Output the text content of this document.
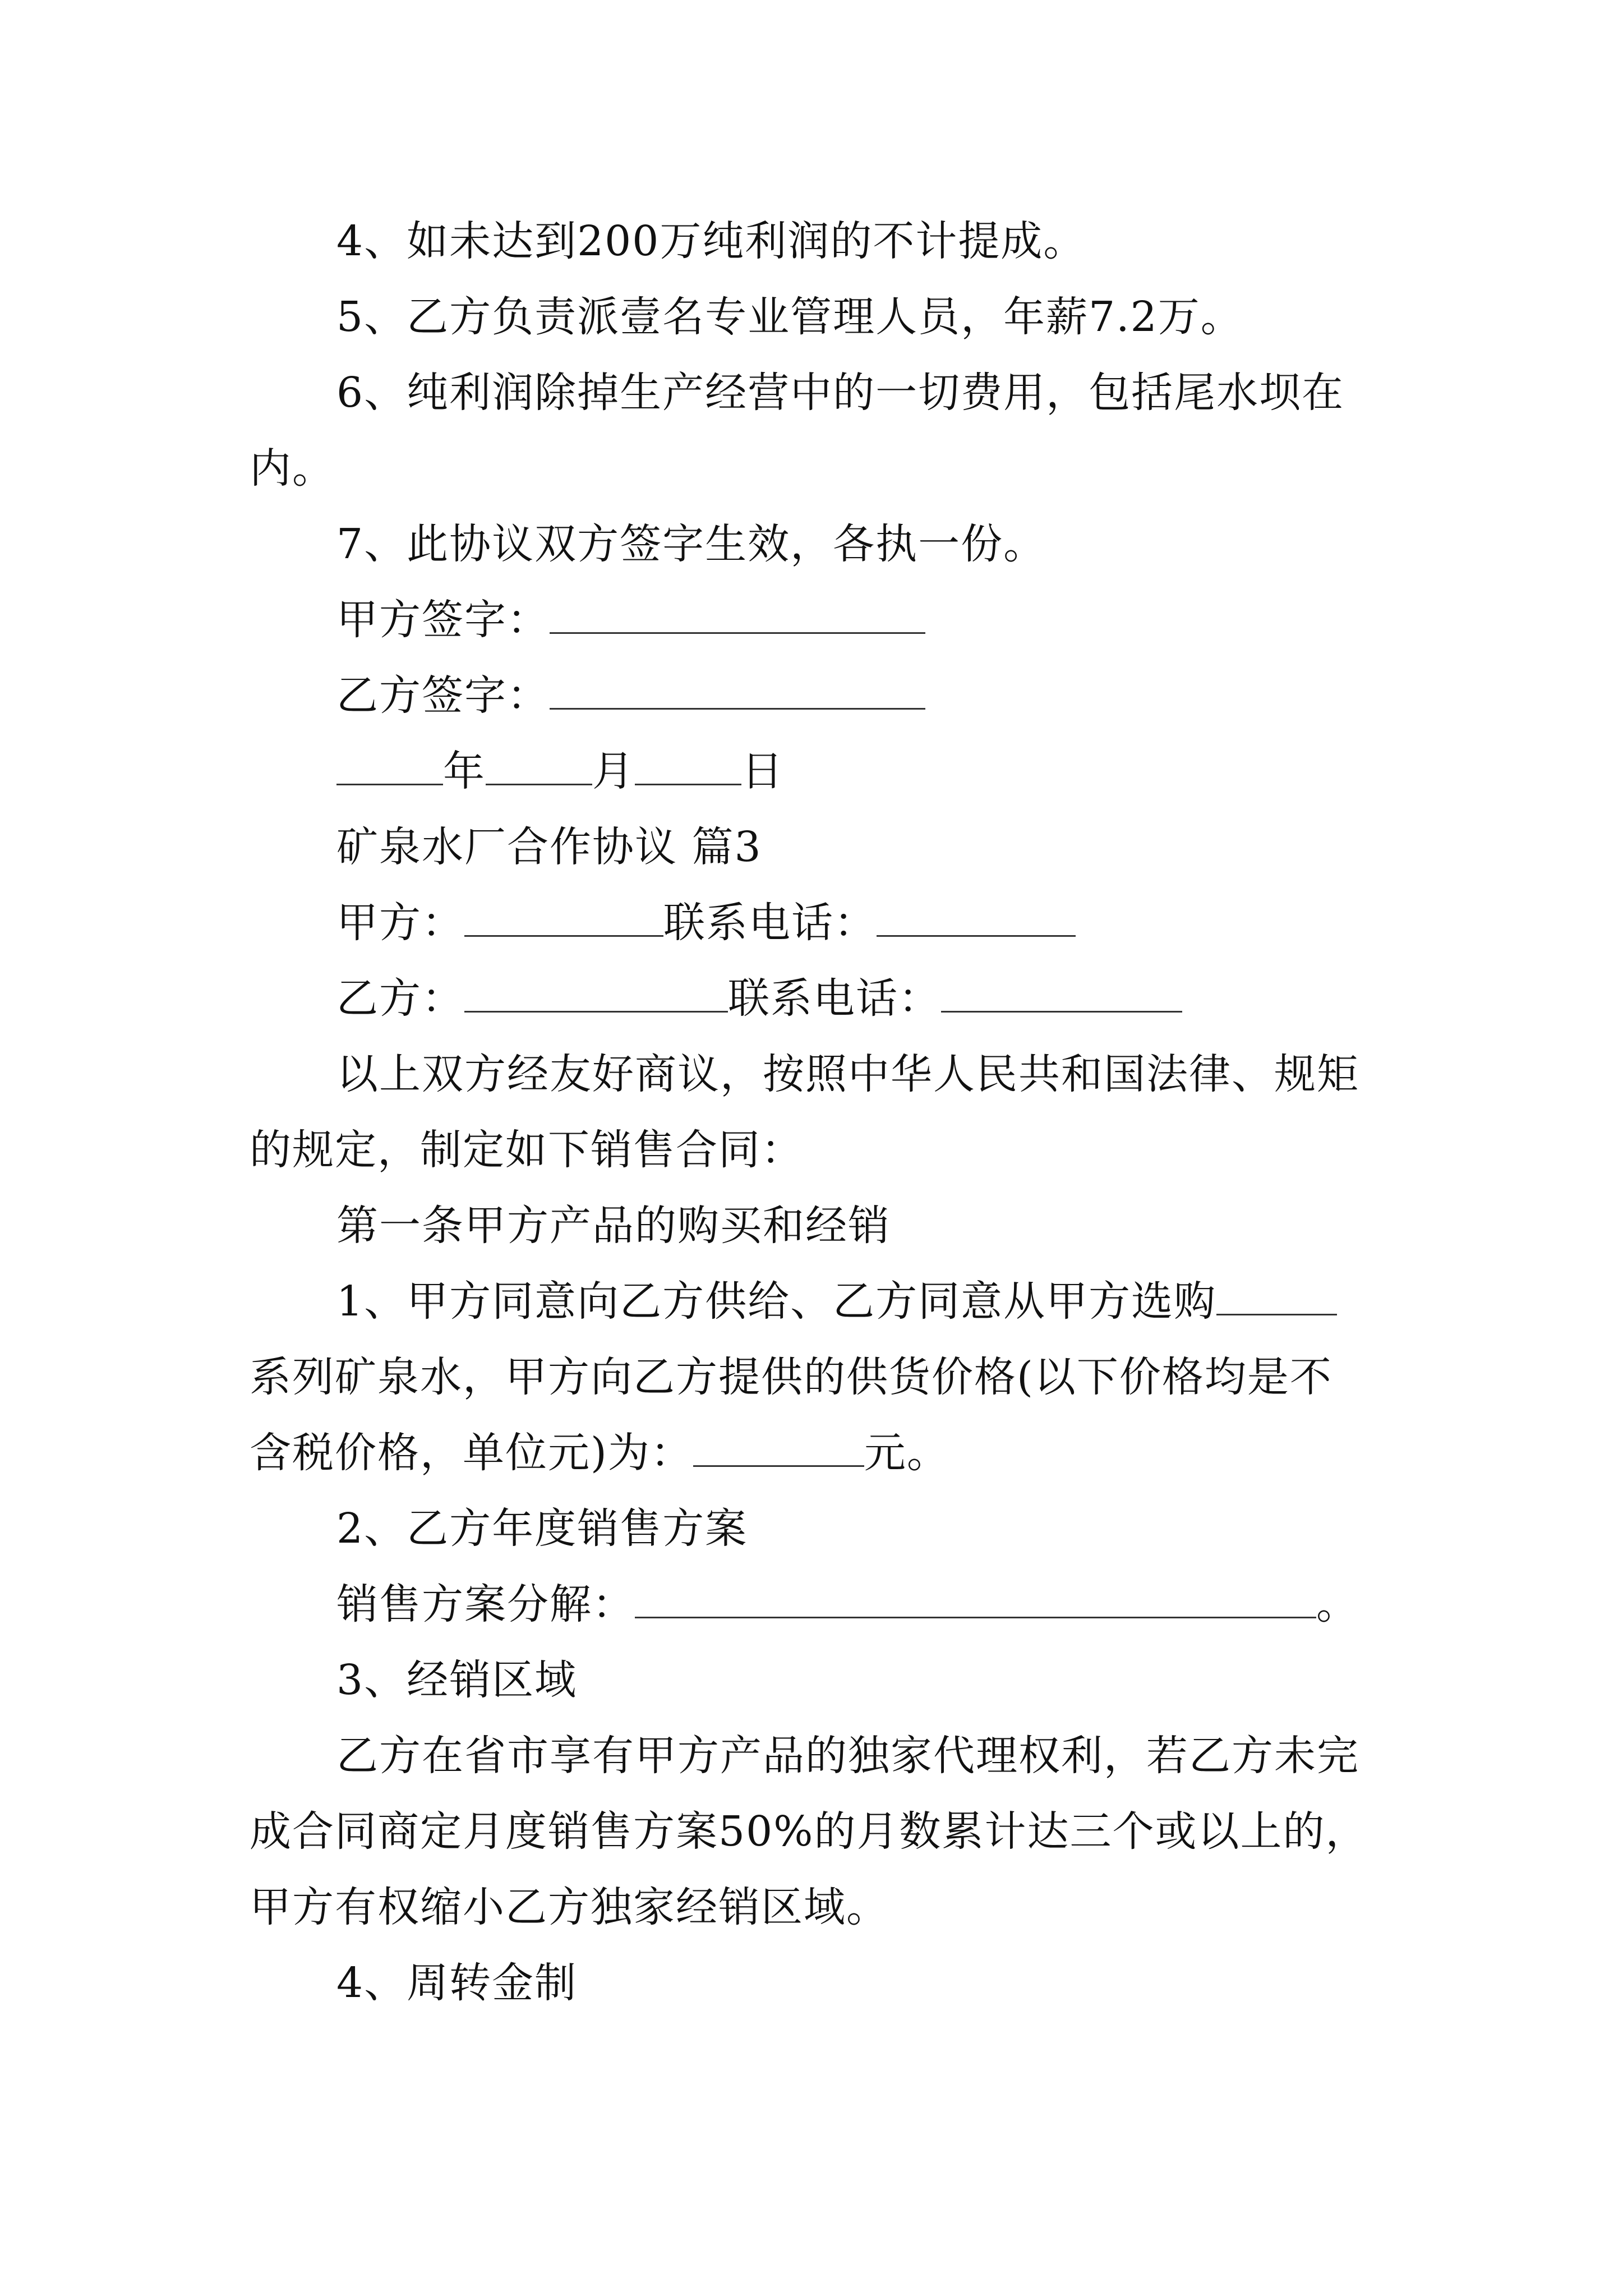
4、如未达到200万纯利润的不计提成。
5、乙方负责派壹名专业管理人员，年薪7.2万。
6、纯利润除掉生产经营中的一切费用，包括尾水坝在
内。
7、此协议双方签字生效，各执一份。
甲方签字：
乙方签字：
年	月	日
矿泉水厂合作协议 篇3
甲方：	联系电话：
乙方：	联系电话：
以上双方经友好商议，按照中华人民共和国法律、规矩
的规定，制定如下销售合同：
第一条甲方产品的购买和经销
1、甲方同意向乙方供给、乙方同意从甲方选购
系列矿泉水，甲方向乙方提供的供货价格(以下价格均是不
含税价格，单位元)为：	元。
2、乙方年度销售方案
销售方案分解：	。
3、经销区域
乙方在省市享有甲方产品的独家代理权利，若乙方未完
成合同商定月度销售方案50%的月数累计达三个或以上的，
甲方有权缩小乙方独家经销区域。
4、周转金制
